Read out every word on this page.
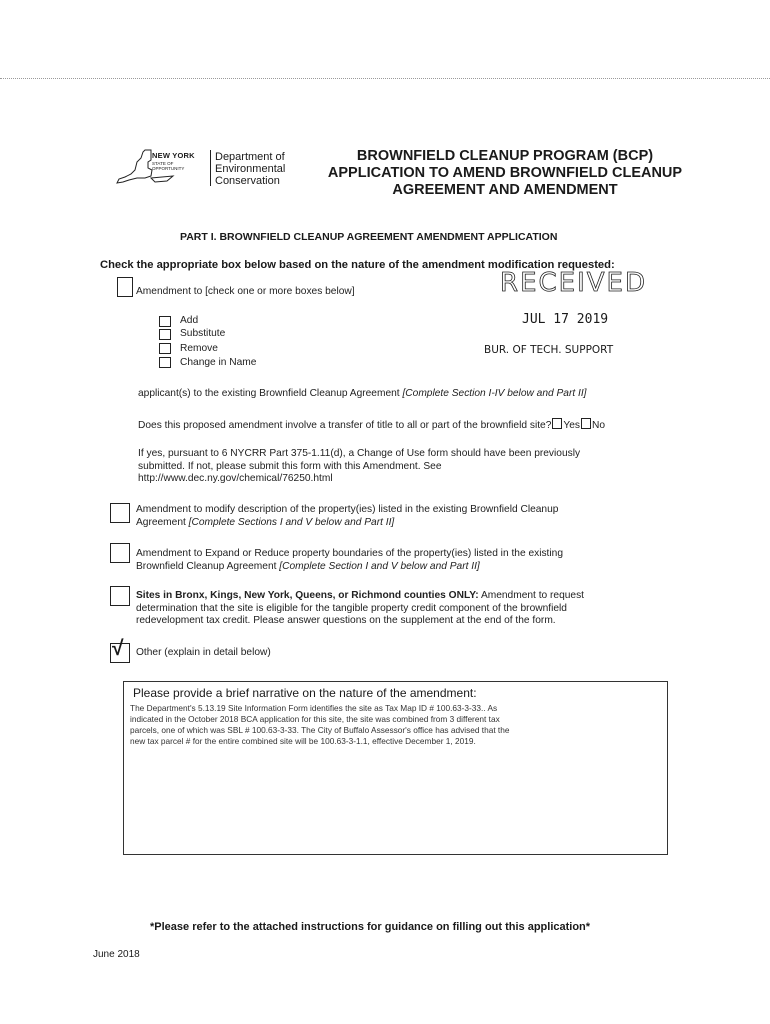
NEW YORK
STATE OF OPPORTUNITY
Department of
Environmental
Conservation
BROWNFIELD CLEANUP PROGRAM (BCP)
APPLICATION TO AMEND BROWNFIELD CLEANUP
AGREEMENT AND AMENDMENT
PART I. BROWNFIELD CLEANUP AGREEMENT AMENDMENT APPLICATION
Check the appropriate box below based on the nature of the amendment modification requested:
RECEIVED
JUL 17 2019
BUR. OF TECH. SUPPORT
Amendment to [check one or more boxes below]
Add
Substitute
Remove
Change in Name
applicant(s) to the existing Brownfield Cleanup Agreement [Complete Section I-IV below and Part II]
Does this proposed amendment involve a transfer of title to all or part of the brownfield site? Yes No
If yes, pursuant to 6 NYCRR Part 375-1.11(d), a Change of Use form should have been previously
submitted. If not, please submit this form with this Amendment. See
http://www.dec.ny.gov/chemical/76250.html
Amendment to modify description of the property(ies) listed in the existing Brownfield Cleanup
Agreement [Complete Sections I and V below and Part II]
Amendment to Expand or Reduce property boundaries of the property(ies) listed in the existing
Brownfield Cleanup Agreement [Complete Section I and V below and Part II]
Sites in Bronx, Kings, New York, Queens, or Richmond counties ONLY: Amendment to request
determination that the site is eligible for the tangible property credit component of the brownfield
redevelopment tax credit. Please answer questions on the supplement at the end of the form.
√ Other (explain in detail below)
Please provide a brief narrative on the nature of the amendment:
The Department's 5.13.19 Site Information Form identifies the site as Tax Map ID # 100.63-3-33.. As
indicated in the October 2018 BCA application for this site, the site was combined from 3 different tax
parcels, one of which was SBL # 100.63-3-33. The City of Buffalo Assessor's office has advised that the
new tax parcel # for the entire combined site will be 100.63-3-1.1, effective December 1, 2019.
*Please refer to the attached instructions for guidance on filling out this application*
June 2018
